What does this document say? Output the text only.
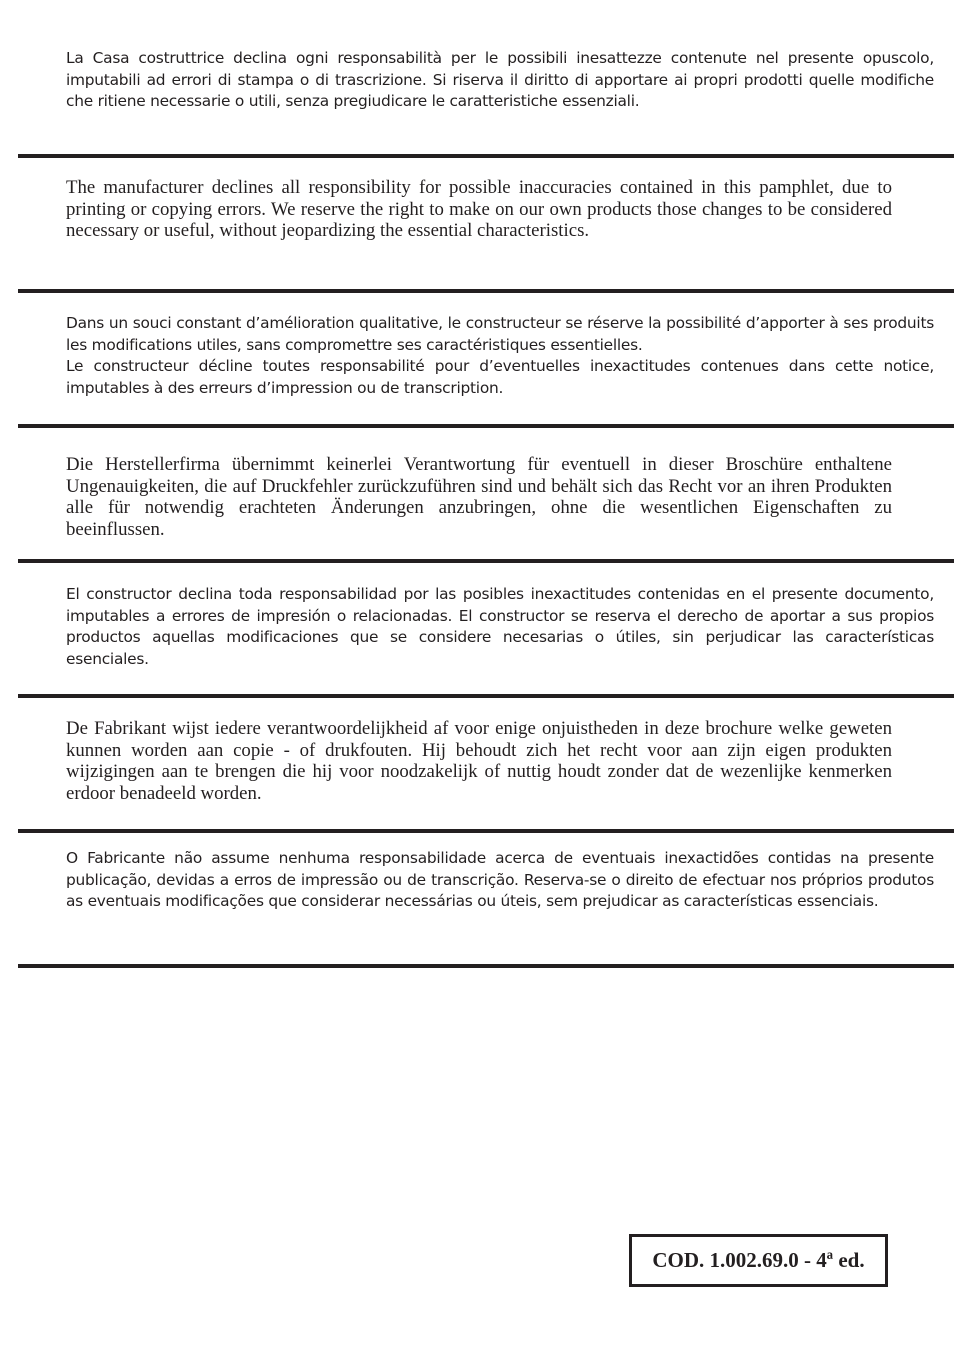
La Casa costruttrice declina ogni responsabilità per le possibili inesattezze contenute nel presente opuscolo, imputabili ad errori di stampa o di trascrizione. Si riserva il diritto di apportare ai propri prodotti quelle modifiche che ritiene necessarie o utili, senza pregiudicare le caratteristiche essenziali.

The manufacturer declines all responsibility for possible inaccuracies contained in this pamphlet, due to printing or copying errors. We reserve the right to make on our own products those changes to be considered necessary or useful, without jeopardizing the essential characteristics.

Dans un souci constant d’amélioration qualitative, le constructeur se réserve la possibilité d’apporter à ses produits les modifications utiles, sans compromettre ses caractéristiques essentielles.
Le constructeur décline toutes responsabilité pour d’eventuelles inexactitudes contenues dans cette notice, imputables à des erreurs d’impression ou de transcription.

Die Herstellerfirma übernimmt keinerlei Verantwortung für eventuell in dieser Broschüre enthaltene Ungenauigkeiten, die auf Druckfehler zurückzuführen sind und behält sich das Recht vor an ihren Produkten alle für notwendig erachteten Änderungen anzubringen, ohne die wesentlichen Eigenschaften zu beeinflussen.

El constructor declina toda responsabilidad por las posibles inexactitudes contenidas en el presente documento, imputables a errores de impresión o relacionadas. El constructor se reserva el derecho de aportar a sus propios productos aquellas modificaciones que se considere necesarias o útiles, sin perjudicar las características esenciales.

De Fabrikant wijst iedere verantwoordelijkheid af voor enige onjuistheden in deze brochure welke geweten kunnen worden aan copie - of drukfouten. Hij behoudt zich het recht voor aan zijn eigen produkten wijzigingen aan te brengen die hij voor noodzakelijk of nuttig houdt zonder dat de wezenlijke kenmerken erdoor benadeeld worden.

O Fabricante não assume nenhuma responsabilidade acerca de eventuais inexactidões contidas na presente publicação, devidas a erros de impressão ou de transcrição. Reserva-se o direito de efectuar nos próprios produtos as eventuais modificações que considerar necessárias ou úteis, sem prejudicar as características essenciais.

COD. 1.002.69.0 - 4ª ed.
